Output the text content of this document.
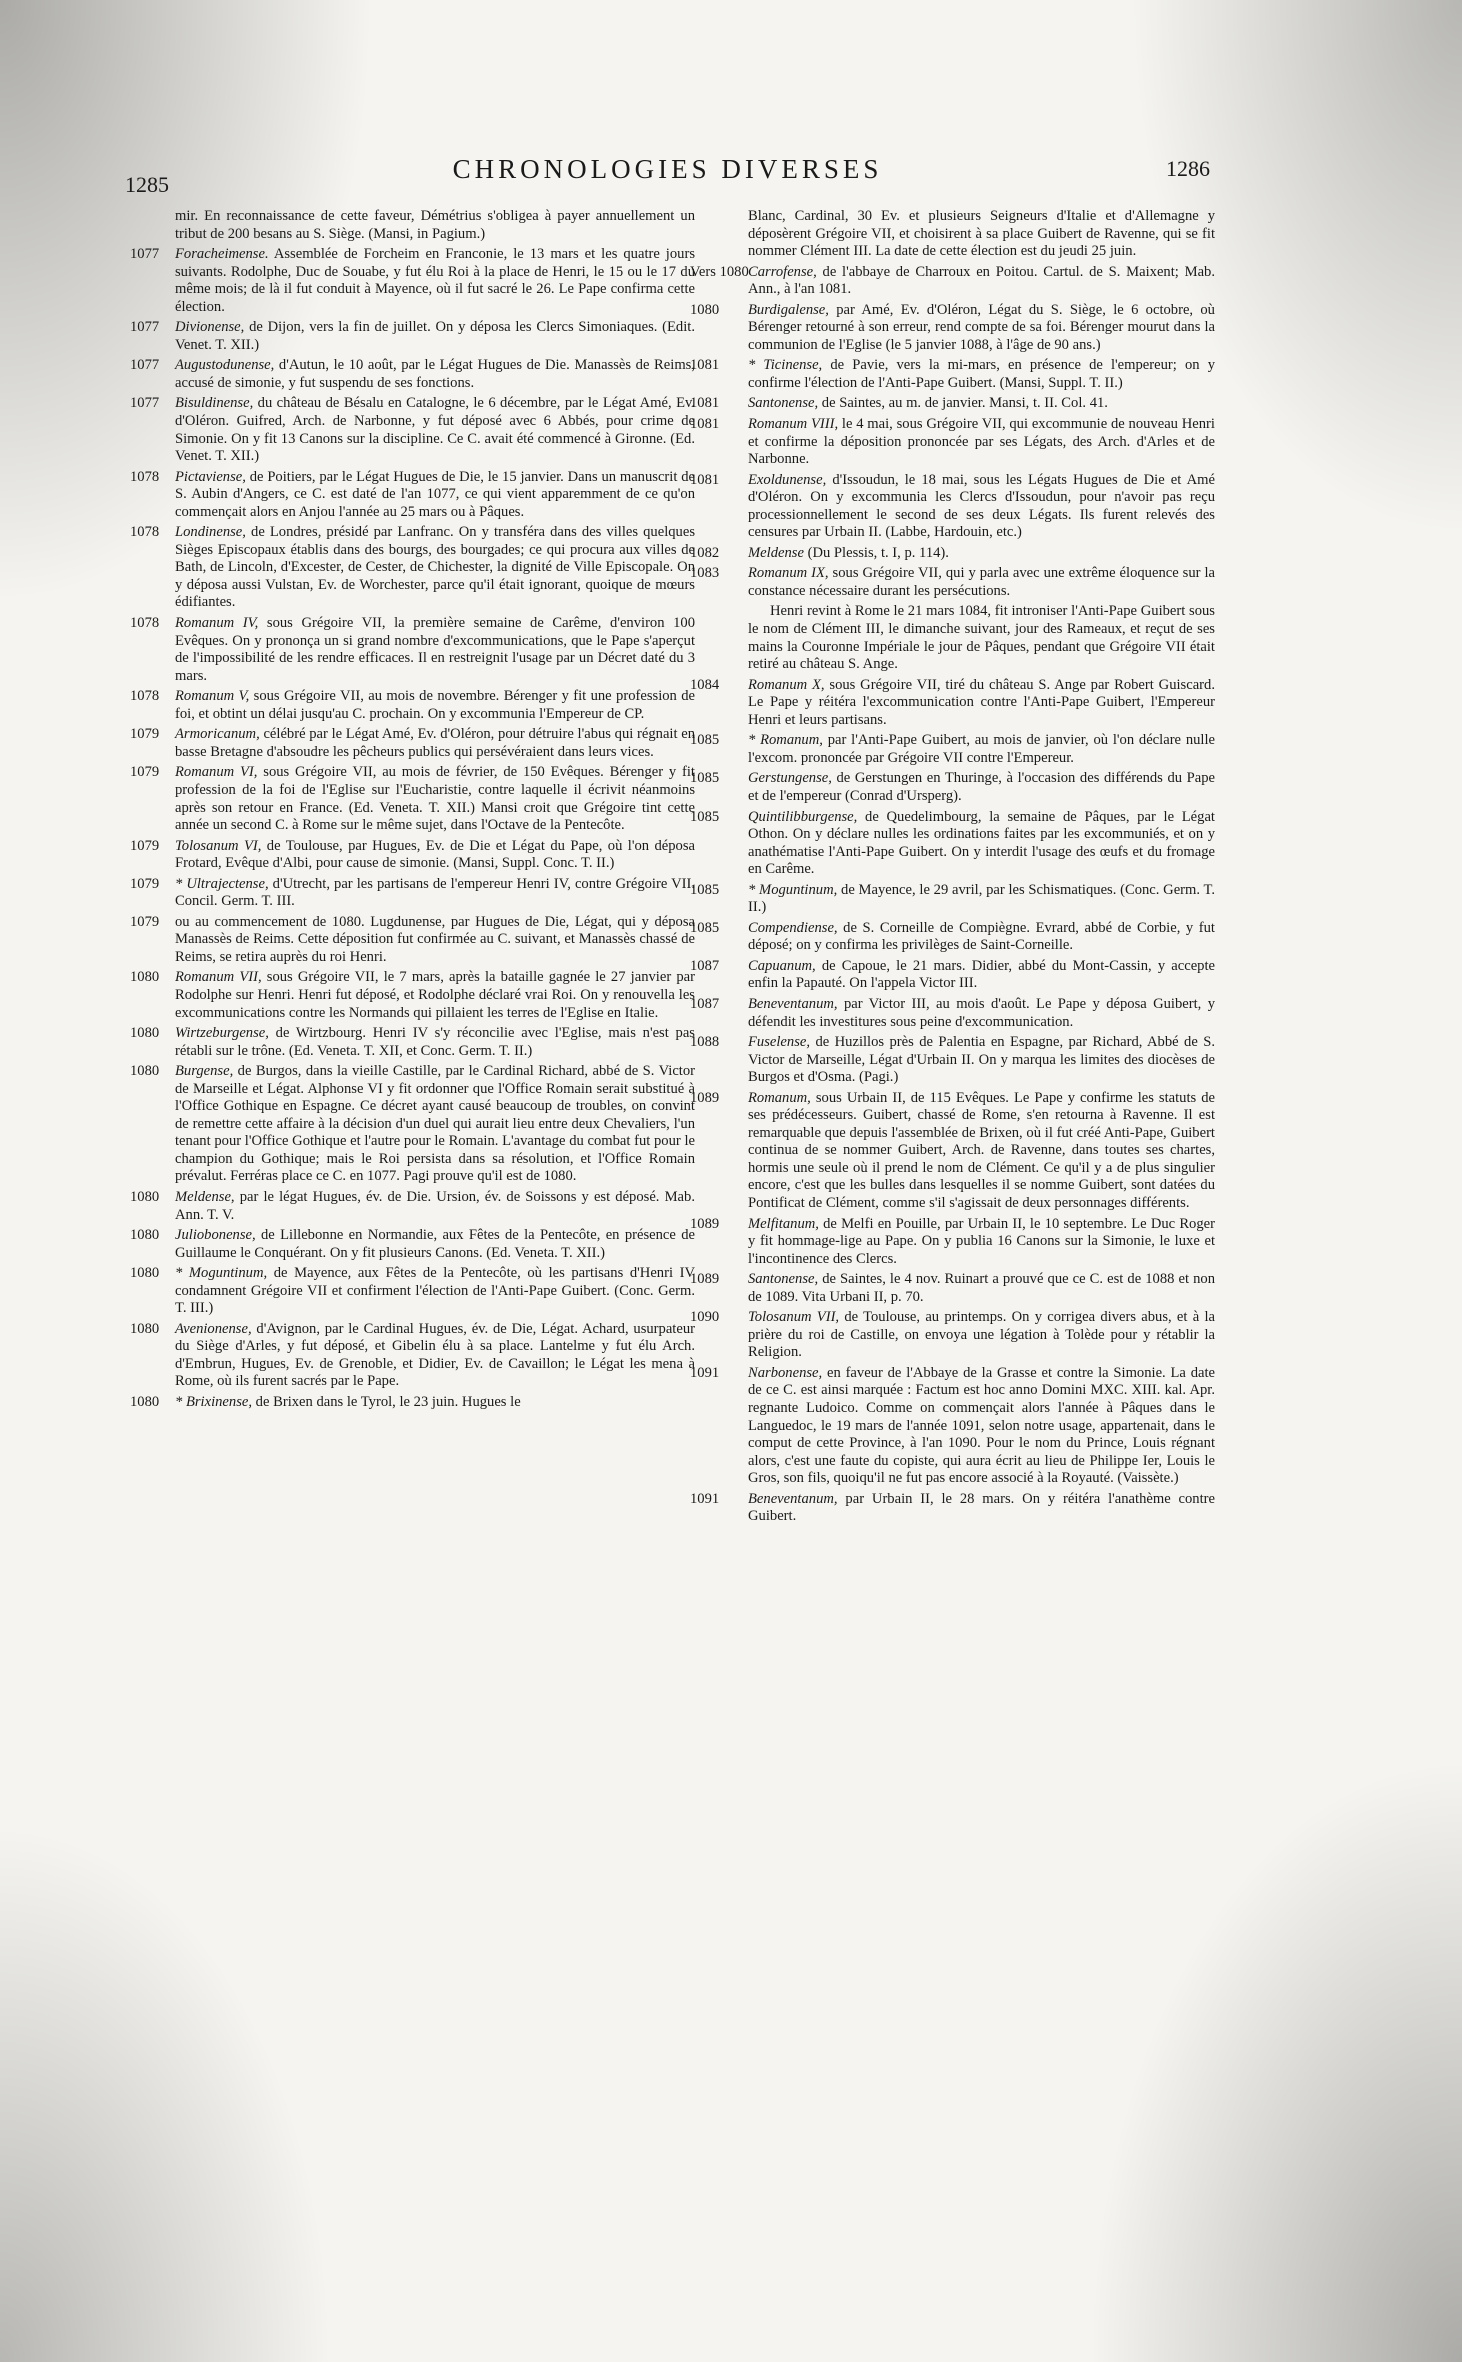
1285
CHRONOLOGIES DIVERSES	1286
mir. En reconnaissance de cette faveur, Démétrius s'obligea à payer annuellement un tribut de 200 besans au S. Siège. (Mansi, in Pagium.)
1077 Foracheimense. Assemblée de Forcheim en Franconie, le 13 mars et les quatre jours suivants. Rodolphe, Duc de Souabe, y fut élu Roi à la place de Henri, le 15 ou le 17 du même mois; de là il fut conduit à Mayence, où il fut sacré le 26. Le Pape confirma cette élection.
1077 Divionense, de Dijon, vers la fin de juillet. On y déposa les Clercs Simoniaques. (Edit. Venet. T. XII.)
1077 Augustodunense, d'Autun, le 10 août, par le Légat Hugues de Die. Manassès de Reims, accusé de simonie, y fut suspendu de ses fonctions.
1077 Bisuldinense, du château de Bésalu en Catalogne, le 6 décembre, par le Légat Amé, Ev. d'Oléron. Guifred, Arch. de Narbonne, y fut déposé avec 6 Abbés, pour crime de Simonie. On y fit 13 Canons sur la discipline. Ce C. avait été commencé à Gironne. (Ed. Venet. T. XII.)
1078 Pictaviense, de Poitiers, par le Légat Hugues de Die, le 15 janvier. Dans un manuscrit de S. Aubin d'Angers, ce C. est daté de l'an 1077, ce qui vient apparemment de ce qu'on commençait alors en Anjou l'année au 25 mars ou à Pâques.
1078 Londinense, de Londres, présidé par Lanfranc. On y transféra dans des villes quelques Sièges Episcopaux établis dans des bourgs, des bourgades; ce qui procura aux villes de Bath, de Lincoln, d'Excester, de Cester, de Chichester, la dignité de Ville Episcopale. On y déposa aussi Vulstan, Ev. de Worchester, parce qu'il était ignorant, quoique de mœurs édifiantes.
1078 Romanum IV, sous Grégoire VII, la première semaine de Carême, d'environ 100 Evêques. On y prononça un si grand nombre d'excommunications, que le Pape s'aperçut de l'impossibilité de les rendre efficaces. Il en restreignit l'usage par un Décret daté du 3 mars.
1078 Romanum V, sous Grégoire VII, au mois de novembre. Bérenger y fit une profession de foi, et obtint un délai jusqu'au C. prochain. On y excommunia l'Empereur de CP.
1079 Armoricanum, célébré par le Légat Amé, Ev. d'Oléron, pour détruire l'abus qui régnait en basse Bretagne d'absoudre les pêcheurs publics qui persévéraient dans leurs vices.
1079 Romanum VI, sous Grégoire VII, au mois de février, de 150 Evêques. Bérenger y fit profession de la foi de l'Eglise sur l'Eucharistie, contre laquelle il écrivit néanmoins après son retour en France. (Ed. Veneta. T. XII.) Mansi croit que Grégoire tint cette année un second C. à Rome sur le même sujet, dans l'Octave de la Pentecôte.
1079 Tolosanum VI, de Toulouse, par Hugues, Ev. de Die et Légat du Pape, où l'on déposa Frotard, Evêque d'Albi, pour cause de simonie. (Mansi, Suppl. Conc. T. II.)
1079 * Ultrajectense, d'Utrecht, par les partisans de l'empereur Henri IV, contre Grégoire VII. Concil. Germ. T. III.
1079 ou au commencement de 1080. Lugdunense, par Hugues de Die, Légat, qui y déposa Manassès de Reims. Cette déposition fut confirmée au C. suivant, et Manassès chassé de Reims, se retira auprès du roi Henri.
1080 Romanum VII, sous Grégoire VII, le 7 mars, après la bataille gagnée le 27 janvier par Rodolphe sur Henri. Henri fut déposé, et Rodolphe déclaré vrai Roi. On y renouvella les excommunications contre les Normands qui pillaient les terres de l'Eglise en Italie.
1080 Wirtzeburgense, de Wirtzbourg. Henri IV s'y réconcilie avec l'Eglise, mais n'est pas rétabli sur le trône. (Ed. Veneta. T. XII, et Conc. Germ. T. II.)
1080 Burgense, de Burgos, dans la vieille Castille, par le Cardinal Richard, abbé de S. Victor de Marseille et Légat. Alphonse VI y fit ordonner que l'Office Romain serait substitué à l'Office Gothique en Espagne. Ce décret ayant causé beaucoup de troubles, on convint de remettre cette affaire à la décision d'un duel qui aurait lieu entre deux Chevaliers, l'un tenant pour l'Office Gothique et l'autre pour le Romain. L'avantage du combat fut pour le champion du Gothique; mais le Roi persista dans sa résolution, et l'Office Romain prévalut. Ferréras place ce C. en 1077. Pagi prouve qu'il est de 1080.
1080 Meldense, par le légat Hugues, év. de Die. Ursion, év. de Soissons y est déposé. Mab. Ann. T. V.
1080 Juliobonense, de Lillebonne en Normandie, aux Fêtes de la Pentecôte, en présence de Guillaume le Conquérant. On y fit plusieurs Canons. (Ed. Veneta. T. XII.)
1080 * Moguntinum, de Mayence, aux Fêtes de la Pentecôte, où les partisans d'Henri IV condamnent Grégoire VII et confirment l'élection de l'Anti-Pape Guibert. (Conc. Germ. T. III.)
1080 Avenionense, d'Avignon, par le Cardinal Hugues, év. de Die, Légat. Achard, usurpateur du Siège d'Arles, y fut déposé, et Gibelin élu à sa place. Lantelme y fut élu Arch. d'Embrun, Hugues, Ev. de Grenoble, et Didier, Ev. de Cavaillon; le Légat les mena à Rome, où ils furent sacrés par le Pape.
1080 * Brixinense, de Brixen dans le Tyrol, le 23 juin. Hugues le
Blanc, Cardinal, 30 Ev. et plusieurs Seigneurs d'Italie et d'Allemagne y déposèrent Grégoire VII, et choisirent à sa place Guibert de Ravenne, qui se fit nommer Clément III. La date de cette élection est du jeudi 25 juin.
Vers 1080 Carrofense, de l'abbaye de Charroux en Poitou. Cartul. de S. Maixent; Mab. Ann., à l'an 1081.
1080 Burdigalense, par Amé, Ev. d'Oléron, Légat du S. Siège, le 6 octobre, où Bérenger retourné à son erreur, rend compte de sa foi. Bérenger mourut dans la communion de l'Eglise (le 5 janvier 1088, à l'âge de 90 ans.)
1081 * Ticinense, de Pavie, vers la mi-mars, en présence de l'empereur; on y confirme l'élection de l'Anti-Pape Guibert. (Mansi, Suppl. T. II.)
1081 Santonense, de Saintes, au m. de janvier. Mansi, t. II. Col. 41.
1081 Romanum VIII, le 4 mai, sous Grégoire VII, qui excommunie de nouveau Henri et confirme la déposition prononcée par ses Légats, des Arch. d'Arles et de Narbonne.
1081 Exoldunense, d'Issoudun, le 18 mai, sous les Légats Hugues de Die et Amé d'Oléron. On y excommunia les Clercs d'Issoudun, pour n'avoir pas reçu processionnellement le second de ses deux Légats. Ils furent relevés des censures par Urbain II. (Labbe, Hardouin, etc.)
1082 Meldense (Du Plessis, t. I, p. 114).
1083 Romanum IX, sous Grégoire VII, qui y parla avec une extrême éloquence sur la constance nécessaire durant les persécutions.
Henri revint à Rome le 21 mars 1084, fit introniser l'Anti-Pape Guibert sous le nom de Clément III, le dimanche suivant, jour des Rameaux, et reçut de ses mains la Couronne Impériale le jour de Pâques, pendant que Grégoire VII était retiré au château S. Ange.
1084 Romanum X, sous Grégoire VII, tiré du château S. Ange par Robert Guiscard. Le Pape y réitéra l'excommunication contre l'Anti-Pape Guibert, l'Empereur Henri et leurs partisans.
1085 * Romanum, par l'Anti-Pape Guibert, au mois de janvier, où l'on déclare nulle l'excom. prononcée par Grégoire VII contre l'Empereur.
1085 Gerstungense, de Gerstungen en Thuringe, à l'occasion des différends du Pape et de l'empereur (Conrad d'Ursperg).
1085 Quintilibburgense, de Quedelimbourg, la semaine de Pâques, par le Légat Othon. On y déclare nulles les ordinations faites par les excommuniés, et on y anathématise l'Anti-Pape Guibert. On y interdit l'usage des œufs et du fromage en Carême.
1085 * Moguntinum, de Mayence, le 29 avril, par les Schismatiques. (Conc. Germ. T. II.)
1085 Compendiense, de S. Corneille de Compiègne. Evrard, abbé de Corbie, y fut déposé; on y confirma les privilèges de Saint-Corneille.
1087 Capuanum, de Capoue, le 21 mars. Didier, abbé du Mont-Cassin, y accepte enfin la Papauté. On l'appela Victor III.
1087 Beneventanum, par Victor III, au mois d'août. Le Pape y déposa Guibert, y défendit les investitures sous peine d'excommunication.
1088 Fuselense, de Huzillos près de Palentia en Espagne, par Richard, Abbé de S. Victor de Marseille, Légat d'Urbain II. On y marqua les limites des diocèses de Burgos et d'Osma. (Pagi.)
1089 Romanum, sous Urbain II, de 115 Evêques. Le Pape y confirme les statuts de ses prédécesseurs. Guibert, chassé de Rome, s'en retourna à Ravenne. Il est remarquable que depuis l'assemblée de Brixen, où il fut créé Anti-Pape, Guibert continua de se nommer Guibert, Arch. de Ravenne, dans toutes ses chartes, hormis une seule où il prend le nom de Clément. Ce qu'il y a de plus singulier encore, c'est que les bulles dans lesquelles il se nomme Guibert, sont datées du Pontificat de Clément, comme s'il s'agissait de deux personnages différents.
1089 Melfitanum, de Melfi en Pouille, par Urbain II, le 10 septembre. Le Duc Roger y fit hommage-lige au Pape. On y publia 16 Canons sur la Simonie, le luxe et l'incontinence des Clercs.
1089 Santonense, de Saintes, le 4 nov. Ruinart a prouvé que ce C. est de 1088 et non de 1089. Vita Urbani II, p. 70.
1090 Tolosanum VII, de Toulouse, au printemps. On y corrigea divers abus, et à la prière du roi de Castille, on envoya une légation à Tolède pour y rétablir la Religion.
1091 Narbonense, en faveur de l'Abbaye de la Grasse et contre la Simonie. La date de ce C. est ainsi marquée : Factum est hoc anno Domini MXC. XIII. kal. Apr. regnante Ludoico. Comme on commençait alors l'année à Pâques dans le Languedoc, le 19 mars de l'année 1091, selon notre usage, appartenait, dans le comput de cette Province, à l'an 1090. Pour le nom du Prince, Louis régnant alors, c'est une faute du copiste, qui aura écrit au lieu de Philippe Ier, Louis le Gros, son fils, quoiqu'il ne fut pas encore associé à la Royauté. (Vaissète.)
1091 Beneventanum, par Urbain II, le 28 mars. On y réitéra l'anathème contre Guibert.
